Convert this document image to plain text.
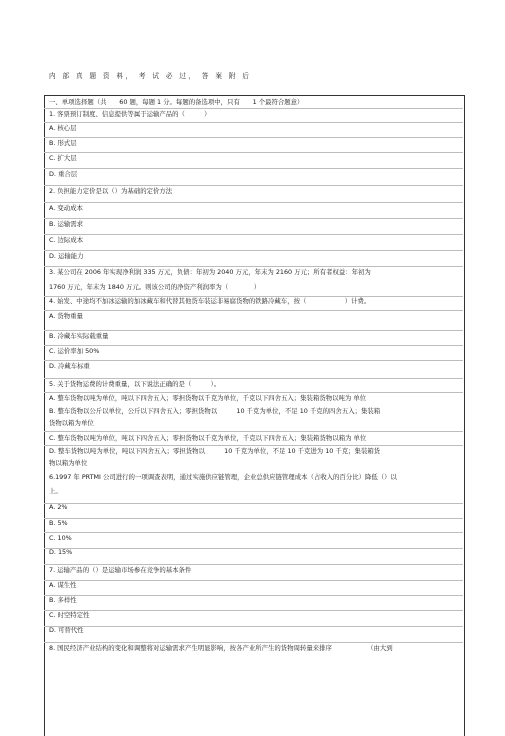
内 部 真 题 资 料， 考 试 必 过， 答 案 附 后
一、单项选择题（共　　60 题，每题 1 分。每题的备选项中，只有　　1 个最符合题意）
1. 客票预订制度、信息提供等属于运输产品的（　　　）
A. 核心层
B. 形式层
C. 扩大层
D. 重合层
2. 负担能力定价是以（）为基础的定价方法
A. 变动成本
B. 运输需求
C. 边际成本
D. 运输能力
3. 某公司在 2006 年实现净利润 335 万元，负债：年初为 2040 万元，年末为 2160 万元；所有者权益：年初为
1760 万元，年末为 1840 万元。则该公司的净资产利润率为（　　　　）
4. 始发、中途均不加冰运输的加冰藏车和代替其他货车装运非易腐货物的铁路冷藏车，按（　　　　　　）计费。
A. 货物重量
B. 冷藏车实际载重量
C. 运价率加 50%
D. 冷藏车标重
5. 关于货物运费的计费重量，以下说法正确的是（　　　）。
A. 整车货物以吨为单位，吨以下四舍五入；零担货物以千克为单位，千克以下四舍五入；集装箱货物以吨为 单位
B. 整车货物以公斤以单位，公斤以下四舍五入；零担货物以　　　10 千克为单位，不足 10 千克的四舍五入；集装箱
货物以箱为单位
C. 整车货物以吨为单位，吨以下四舍五入；零担货物以千克为单位，千克以下四舍五入；集装箱货物以箱为 单位
D. 整车货物以吨为单位，吨以下四舍五入；零担货物以　　　10 千克为单位，不足 10 千克进为 10 千克；集装箱货
物以箱为单位
6.1997 年 PRTMI 公司进行的一项调查表明，通过实施供应链管理，企业总供应链管理成本（占收入的百分比）降低（）以
上。
A. 2%
B. 5%
C. 10%
D. 15%
7. 运输产品的（）是运输市场参在竞争的基本条件
A. 谋生性
B. 多样性
C. 时空特定性
D. 可替代性
8. 国民经济产业结构的变化和调整将对运输需求产生明显影响，按各产业所产生的货物周转量来排序　　　　　　（由大到
